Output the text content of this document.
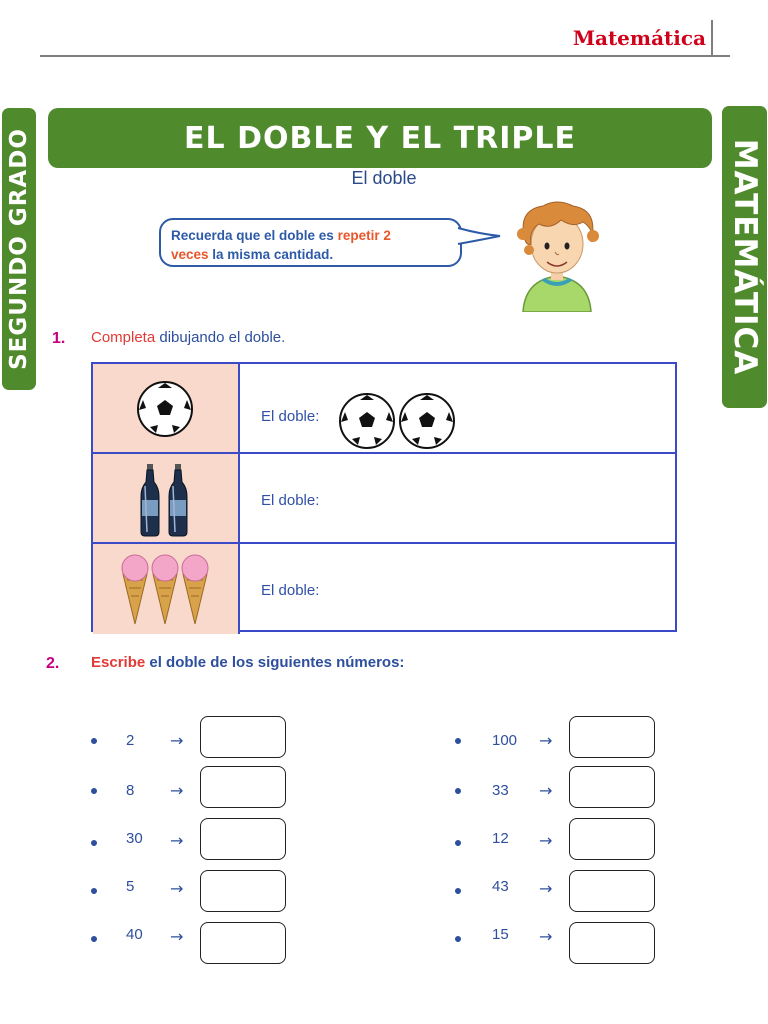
Matemática
SEGUNDO GRADO	MATEMÁTICA
EL DOBLE Y EL TRIPLE
El doble
Recuerda que el doble es repetir 2
veces la misma cantidad.
1. Completa dibujando el doble.
El doble:
El doble:
El doble:
2. Escribe el doble de los siguientes números:
2 →
8 →
30 →
5 →
40 →
100 →
33 →
12 →
43 →
15 →
